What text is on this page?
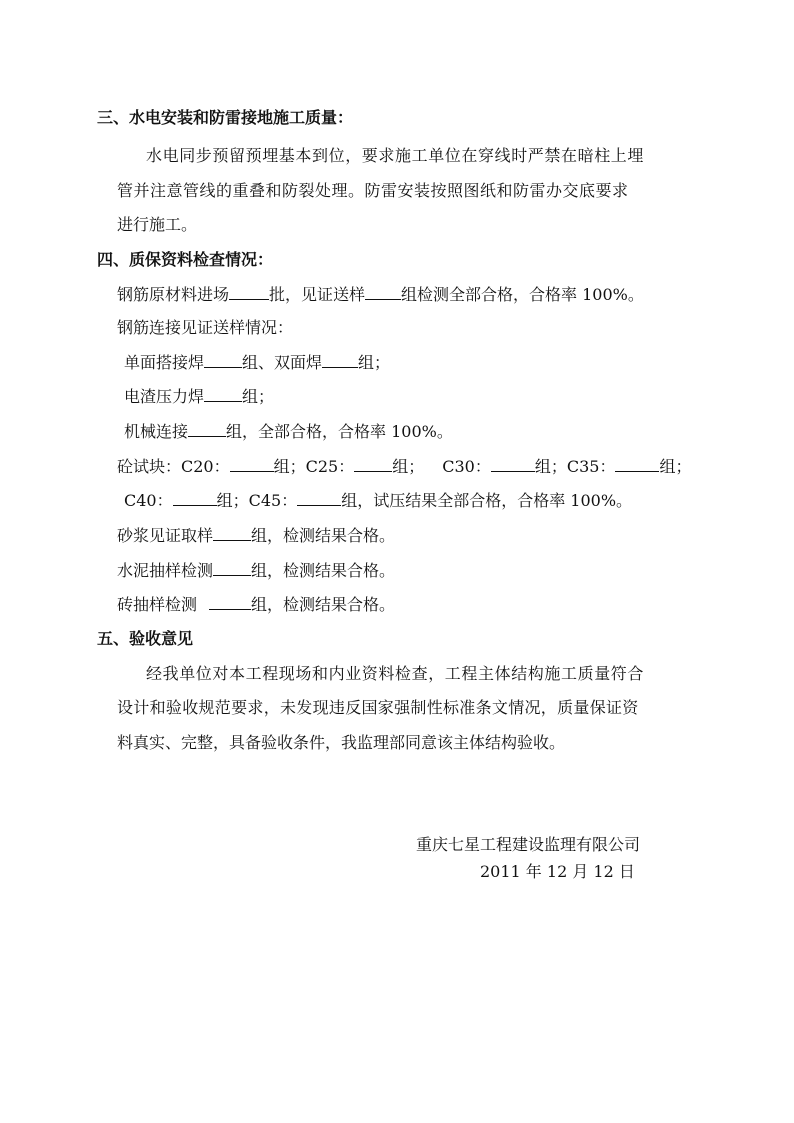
三、水电安装和防雷接地施工质量：
水电同步预留预埋基本到位，要求施工单位在穿线时严禁在暗柱上埋
管并注意管线的重叠和防裂处理。防雷安装按照图纸和防雷办交底要求
进行施工。
四、质保资料检查情况：
钢筋原材料进场	批，见证送样 组检测全部合格，合格率 100%。
钢筋连接见证送样情况：
单面搭接焊 组、双面焊 组；
电渣压力焊 组；
机械连接 组，全部合格，合格率 100%。
砼试块：C20：	组；C25： 组； C30：	组；C35：	组；
C40：	组；C45：	组，试压结果全部合格，合格率 100%。
砂浆见证取样 组，检测结果合格。
水泥抽样检测 组，检测结果合格。
砖抽样检测	组，检测结果合格。
五、验收意见
经我单位对本工程现场和内业资料检查，工程主体结构施工质量符合
设计和验收规范要求，未发现违反国家强制性标准条文情况，质量保证资
料真实、完整，具备验收条件，我监理部同意该主体结构验收。
重庆七星工程建设监理有限公司
2011 年 12 月 12 日
